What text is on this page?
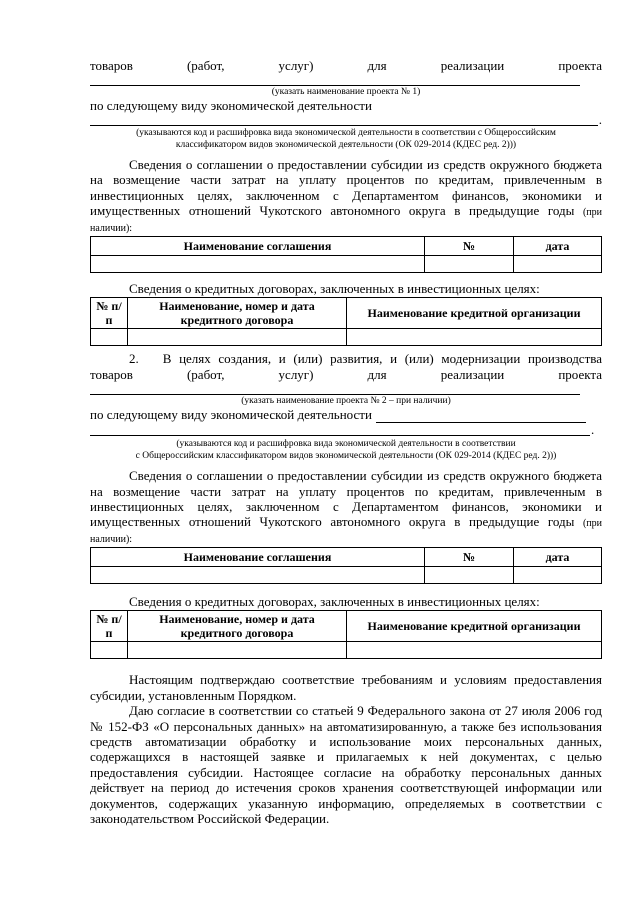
товаров	(работ,	услуг)	для	реализации	проекта
(указать наименование проекта № 1)
по следующему виду экономической деятельности
.
(указываются код и расшифровка вида экономической деятельности в соответствии с Общероссийским классификатором видов экономической деятельности (ОК 029-2014 (КДЕС ред. 2)))
Сведения о соглашении о предоставлении субсидии из средств окружного бюджета на возмещение части затрат на уплату процентов по кредитам, привлеченным в инвестиционных целях, заключенном с Департаментом финансов, экономики и имущественных отношений Чукотского автономного округа в предыдущие годы (при наличии):
Наименование соглашения	№	дата

Сведения о кредитных договорах, заключенных в инвестиционных целях:
№ п/п	Наименование, номер и дата кредитного договора	Наименование кредитной организации

2. В целях создания, и (или) развития, и (или) модернизации производства
товаров	(работ,	услуг)	для	реализации	проекта
(указать наименование проекта № 2 – при наличии)
по следующему виду экономической деятельности
.
(указываются код и расшифровка вида экономической деятельности в соответствии
с Общероссийским классификатором видов экономической деятельности (ОК 029-2014 (КДЕС ред. 2)))
Сведения о соглашении о предоставлении субсидии из средств окружного бюджета на возмещение части затрат на уплату процентов по кредитам, привлеченным в инвестиционных целях, заключенном с Департаментом финансов, экономики и имущественных отношений Чукотского автономного округа в предыдущие годы (при наличии):
Наименование соглашения	№	дата

Сведения о кредитных договорах, заключенных в инвестиционных целях:
№ п/п	Наименование, номер и дата кредитного договора	Наименование кредитной организации

Настоящим подтверждаю соответствие требованиям и условиям предоставления субсидии, установленным Порядком.
Даю согласие в соответствии со статьей 9 Федерального закона от 27 июля 2006 год № 152-ФЗ «О персональных данных» на автоматизированную, а также без использования средств автоматизации обработку и использование моих персональных данных, содержащихся в настоящей заявке и прилагаемых к ней документах, с целью предоставления субсидии. Настоящее согласие на обработку персональных данных действует на период до истечения сроков хранения соответствующей информации или документов, содержащих указанную информацию, определяемых в соответствии с законодательством Российской Федерации.
